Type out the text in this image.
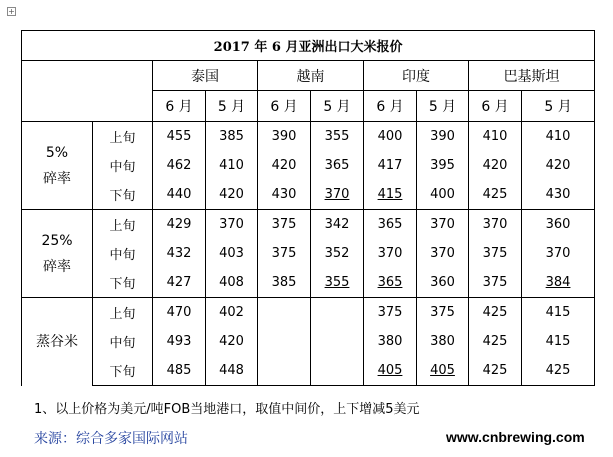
+
2017 年 6 月亚洲出口大米报价									
		泰国		越南		印度		巴基斯坦	
		6 月	5 月	6 月	5 月	6 月	5 月	6 月	5 月

5%
碎率	上旬	455	385	390	355	400	390	410	410
	中旬	462	410	420	365	417	395	420	420
	下旬	440	420	430	370	415	400	425	430

25%
碎率	上旬	429	370	375	342	365	370	370	360
	中旬	432	403	375	352	370	370	375	370
	下旬	427	408	385	355	365	360	375	384

蒸谷米	上旬	470	402			375	375	425	415
	中旬	493	420			380	380	425	415
	下旬	485	448			405	405	425	425
1、以上价格为美元/吨FOB当地港口，取值中间价，上下增减5美元
来源：综合多家国际网站	www.cnbrewing.com
